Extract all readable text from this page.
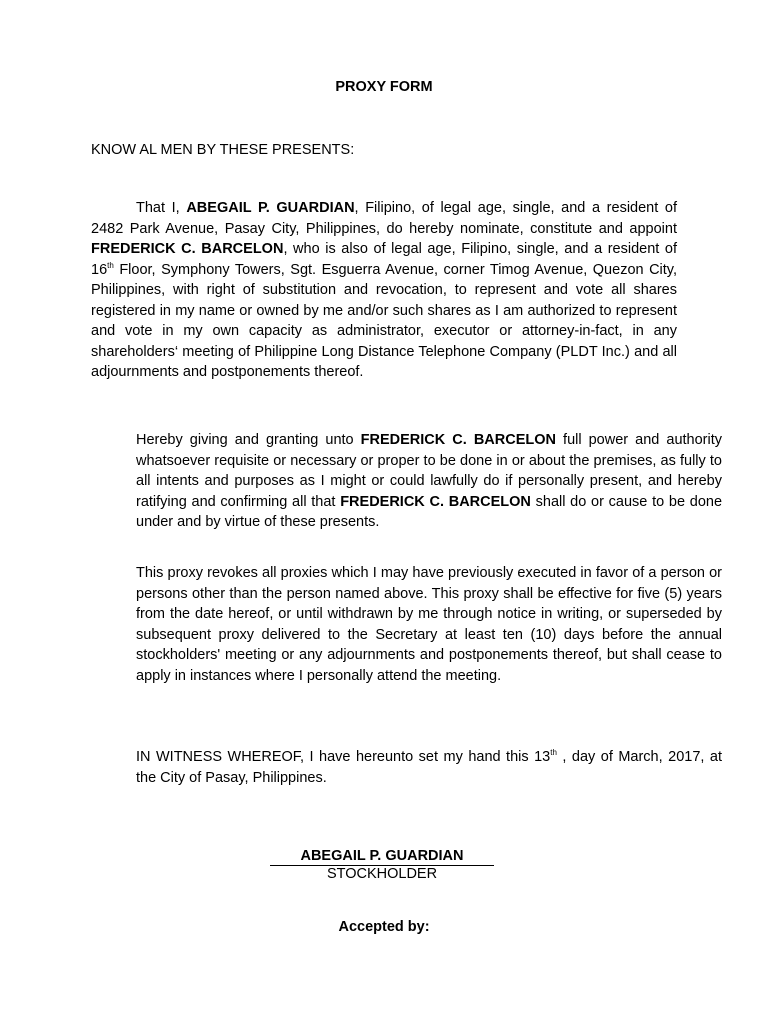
PROXY FORM

KNOW AL MEN BY THESE PRESENTS:

That I, ABEGAIL P. GUARDIAN, Filipino, of legal age, single, and a resident of 2482 Park Avenue, Pasay City, Philippines, do hereby nominate, constitute and appoint FREDERICK C. BARCELON, who is also of legal age, Filipino, single, and a resident of 16th Floor, Symphony Towers, Sgt. Esguerra Avenue, corner Timog Avenue, Quezon City, Philippines, with right of substitution and revocation, to represent and vote all shares registered in my name or owned by me and/or such shares as I am authorized to represent and vote in my own capacity as administrator, executor or attorney-in-fact, in any shareholders‘ meeting of Philippine Long Distance Telephone Company (PLDT Inc.) and all adjournments and postponements thereof.

Hereby giving and granting unto FREDERICK C. BARCELON full power and authority whatsoever requisite or necessary or proper to be done in or about the premises, as fully to all intents and purposes as I might or could lawfully do if personally present, and hereby ratifying and confirming all that FREDERICK C. BARCELON shall do or cause to be done under and by virtue of these presents.

This proxy revokes all proxies which I may have previously executed in favor of a person or persons other than the person named above. This proxy shall be effective for five (5) years from the date hereof, or until withdrawn by me through notice in writing, or superseded by subsequent proxy delivered to the Secretary at least ten (10) days before the annual stockholders' meeting or any adjournments and postponements thereof, but shall cease to apply in instances where I personally attend the meeting.

IN WITNESS WHEREOF, I have hereunto set my hand this 13th , day of March, 2017, at the City of Pasay, Philippines.

ABEGAIL P. GUARDIAN

STOCKHOLDER

Accepted by:
